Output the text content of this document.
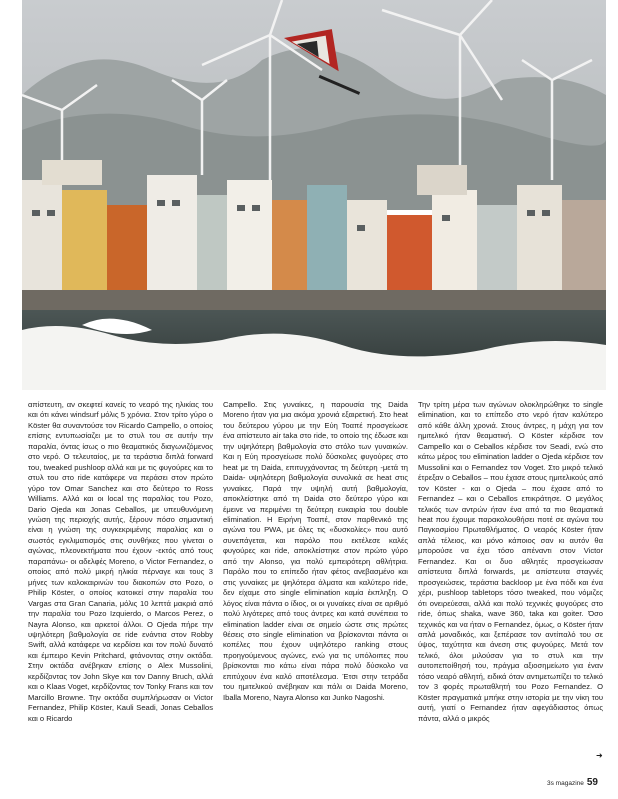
απίστευτη, αν σκεφτεί κανείς το νεαρό της ηλικίας του και ότι κάνει windsurf μόλις 5 χρόνια. Στον τρίτο γύρο ο Köster θα συναντούσε τον Ricardo Campello, ο οποίος επίσης εντυπωσίαζει με το στυλ του σε αυτήν την παραλία, όντας ίσως ο πιο θεαματικός διαγωνιζόμενος στο νερό. Ο τελευταίος, με τα τεράστια διπλά forward του, tweaked pushloop αλλά και με τις φυγούρες και το στυλ του στο ride κατάφερε να περάσει στον πρώτο γύρο τον Omar Sanchez και στο δεύτερο το Ross Williams. Αλλά και οι local της παραλίας του Pozo, Dario Ojeda και Jonas Ceballos, με υπευθυνόμενη γνώση της περιοχής αυτής, ξέρουν πόσο σημαντική είναι η γνώση της συγκεκριμένης παραλίας και ο σωστός εγκλιματισμός στις συνθήκες που γίνεται ο αγώνας, πλεονεκτήματα που έχουν -εκτός από τους παραπάνω- οι αδελφές Moreno, ο Victor Fernandez, ο οποίος από πολύ μικρή ηλικία πέρναγε και τους 3 μήνες των καλοκαιρινών του διακοπών στο Pozo, ο Philip Köster, ο οποίος κατοικεί στην παραλία του Vargas στα Gran Canaria, μόλις 10 λεπτά μακριά από την παραλία του Pozo Izquierdo, ο Marcos Perez, ο Nayra Alonso, και αρκετοί άλλοι. Ο Ojeda πήρε την υψηλότερη βαθμολογία σε ride ενάντια στον Robby Swift, αλλά κατάφερε να κερδίσει και τον πολύ δυνατό και έμπειρο Kevin Pritchard, φτάνοντας στην οκτάδα. Στην οκτάδα ανέβηκαν επίσης ο Alex Mussolini, κερδίζοντας τον John Skye και τον Danny Bruch, αλλά και ο Klaas Voget, κερδίζοντας τον Tonky Frans και τον Marcillo Browne. Την οκτάδα συμπλήρωσαν οι Victor Fernandez, Philip Köster, Kauli Seadi, Jonas Ceballos και ο Ricardo

Campello. Στις γυναίκες, η παρουσία της Daida Moreno ήταν για μια ακόμα χρονιά εξαιρετική. Στο heat του δεύτερου γύρου με την Eύη Τοαπέ προσγείωσε ένα απίστευτο air taka στο ride, το οποίο της έδωσε και την υψηλότερη βαθμολογία στο στόλο των γυναικών. Και η Εύη προσγείωσε πολύ δύσκολες φυγούρες στο heat με τη Daida, επιτυγχάνοντας τη δεύτερη -μετά τη Daida- υψηλότερη βαθμολογία συνολικά σε heat στις γυναίκες. Παρά την υψηλή αυτή βαθμολογία, αποκλείστηκε από τη Daida στο δεύτερο γύρο και έμεινε να περιμένει τη δεύτερη ευκαιρία του double elimination. Η Ειρήνη Τοαπέ, στον παρθενικό της αγώνα του PWA, με όλες τις «δυσκολίες» που αυτό συνεπάγεται, και παρόλο που εκτέλεσε καλές φυγούρες και ride, αποκλείστηκε στον πρώτο γύρο από την Alonso, για πολύ εμπειρότερη αθλήτρια. Παρόλο που το επίπεδο ήταν φέτος ανεβασμένο και στις γυναίκες με ψηλότερα άλματα και καλύτερο ride, δεν είχαμε στο single elimination καμία έκπληξη. Ο λόγος είναι πάντα ο ίδιος, οι οι γυναίκες είναι σε αριθμό πολύ λιγότερες από τους άντρες και κατά συνέπεια το elimination ladder είναι σε σημείο ώστε στις πρώτες θέσεις στο single elimination να βρίσκονται πάντα οι κοπέλες που έχουν υψηλότερο ranking στους προηγούμενους αγώνες, ενώ για τις υπόλοιπες που βρίσκονται πιο κάτω είναι πάρα πολύ δύσκολο να επιτύχουν ένα καλό αποτέλεσμα. Έτσι στην τετράδα του ημιτελικού ανέβηκαν και πάλι οι Daida Moreno, Iballa Moreno, Nayra Alonso και Junko Nagoshi.

Την τρίτη μέρα των αγώνων ολοκληρώθηκε το single elimination, και το επίπεδο στο νερό ήταν καλύτερο από κάθε άλλη χρονιά. Στους άντρες, η μάχη για τον ημιτελικό ήταν θεαματική. Ο Köster κέρδισε τον Campello και ο Ceballos κέρδισε τον Seadi, ενώ στο κάτω μέρος του elimination ladder ο Ojeda κέρδισε τον Mussolini και ο Fernandez τον Voget. Στο μικρό τελικό έτρεξαν ο Ceballos – που έχασε στους ημιτελικούς από τον Köster - και ο Ojeda – που έχασε από το Fernandez – και ο Ceballos επικράτησε. Ο μεγάλος τελικός των αντρών ήταν ένα από τα πιο θεαματικά heat που έχουμε παρακολουθήσει ποτέ σε αγώνα του Παγκοσμίου Πρωταθλήματος. Ο νεαρός Köster ήταν απλά τέλειος, και μόνο κάποιος σαν κι αυτόν θα μπορούσε να έχει τόσο απέναντι στον Victor Fernandez. Και οι δυο αθλητές προσγείωσαν απίστευτα διπλά forwards, με απίστευτα σταγνές προσγειώσεις, τεράστια backloop με ένα πόδι και ένα χέρι, pushloop tabletops τόσο tweaked, που νόμιζες ότι ονειρεύεσαι, αλλά και πολύ τεχνικές φυγούρες στο ride, όπως shaka, wave 360, taka και goiter. Όσο τεχνικός και να ήταν ο Fernandez, όμως, ο Köster ήταν απλά μοναδικός, και ξεπέρασε τον αντίπαλό του σε ύψος, ταχύτητα και άνεση στις φυγούρες. Μετά τον τελικό, όλοι μιλούσαν για το στυλ και την αυτοπεποίθησή του, πράγμα αξιοσημείωτο για έναν τόσο νεαρό αθλητή, ειδικά όταν αντιμετωπίζει το τελικό τον 3 φορές πρωταθλητή του Pozo Fernandez. Ο Köster πραγματικά μπήκε στην ιστορία με την νίκη του αυτή, γιατί ο Fernandez ήταν αφεγάδιαστος όπως πάντα, αλλά ο μικρός

➜
3s magazine 59
